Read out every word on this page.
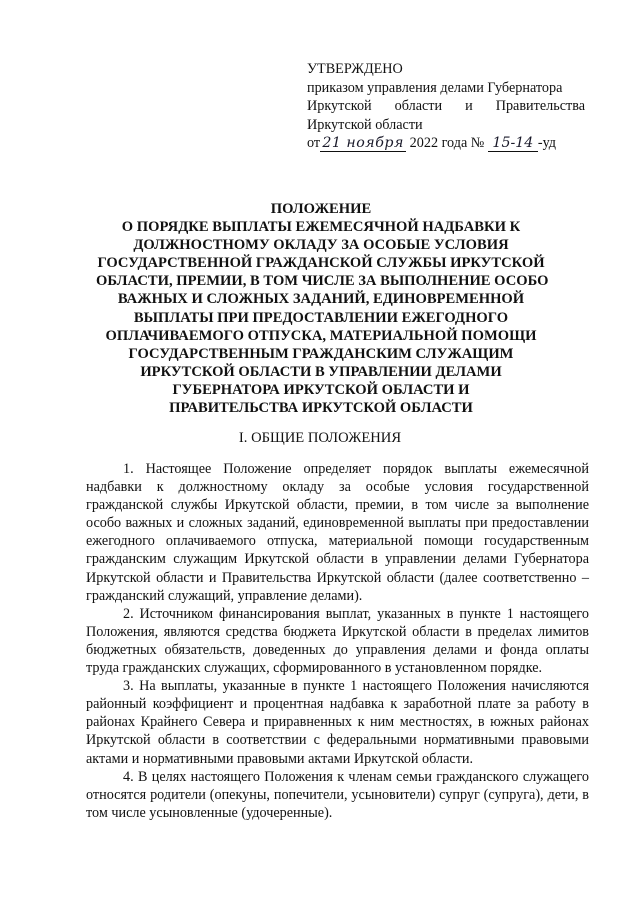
УТВЕРЖДЕНО
приказом управления делами Губернатора
Иркутской области и Правительства
Иркутской области
от 21 ноября 2022 года № 15-14 -уд
ПОЛОЖЕНИЕ
О ПОРЯДКЕ ВЫПЛАТЫ ЕЖЕМЕСЯЧНОЙ НАДБАВКИ К
ДОЛЖНОСТНОМУ ОКЛАДУ ЗА ОСОБЫЕ УСЛОВИЯ
ГОСУДАРСТВЕННОЙ ГРАЖДАНСКОЙ СЛУЖБЫ ИРКУТСКОЙ
ОБЛАСТИ, ПРЕМИИ, В ТОМ ЧИСЛЕ ЗА ВЫПОЛНЕНИЕ ОСОБО
ВАЖНЫХ И СЛОЖНЫХ ЗАДАНИЙ, ЕДИНОВРЕМЕННОЙ
ВЫПЛАТЫ ПРИ ПРЕДОСТАВЛЕНИИ ЕЖЕГОДНОГО
ОПЛАЧИВАЕМОГО ОТПУСКА, МАТЕРИАЛЬНОЙ ПОМОЩИ
ГОСУДАРСТВЕННЫМ ГРАЖДАНСКИМ СЛУЖАЩИМ
ИРКУТСКОЙ ОБЛАСТИ В УПРАВЛЕНИИ ДЕЛАМИ
ГУБЕРНАТОРА ИРКУТСКОЙ ОБЛАСТИ И
ПРАВИТЕЛЬСТВА ИРКУТСКОЙ ОБЛАСТИ
I. ОБЩИЕ ПОЛОЖЕНИЯ

1. Настоящее Положение определяет порядок выплаты ежемесячной надбавки к должностному окладу за особые условия государственной гражданской службы Иркутской области, премии, в том числе за выполнение особо важных и сложных заданий, единовременной выплаты при предоставлении ежегодного оплачиваемого отпуска, материальной помощи государственным гражданским служащим Иркутской области в управлении делами Губернатора Иркутской области и Правительства Иркутской области (далее соответственно – гражданский служащий, управление делами).

2. Источником финансирования выплат, указанных в пункте 1 настоящего Положения, являются средства бюджета Иркутской области в пределах лимитов бюджетных обязательств, доведенных до управления делами и фонда оплаты труда гражданских служащих, сформированного в установленном порядке.

3. На выплаты, указанные в пункте 1 настоящего Положения начисляются районный коэффициент и процентная надбавка к заработной плате за работу в районах Крайнего Севера и приравненных к ним местностях, в южных районах Иркутской области в соответствии с федеральными нормативными правовыми актами и нормативными правовыми актами Иркутской области.

4. В целях настоящего Положения к членам семьи гражданского служащего относятся родители (опекуны, попечители, усыновители) супруг (супруга), дети, в том числе усыновленные (удочеренные).
